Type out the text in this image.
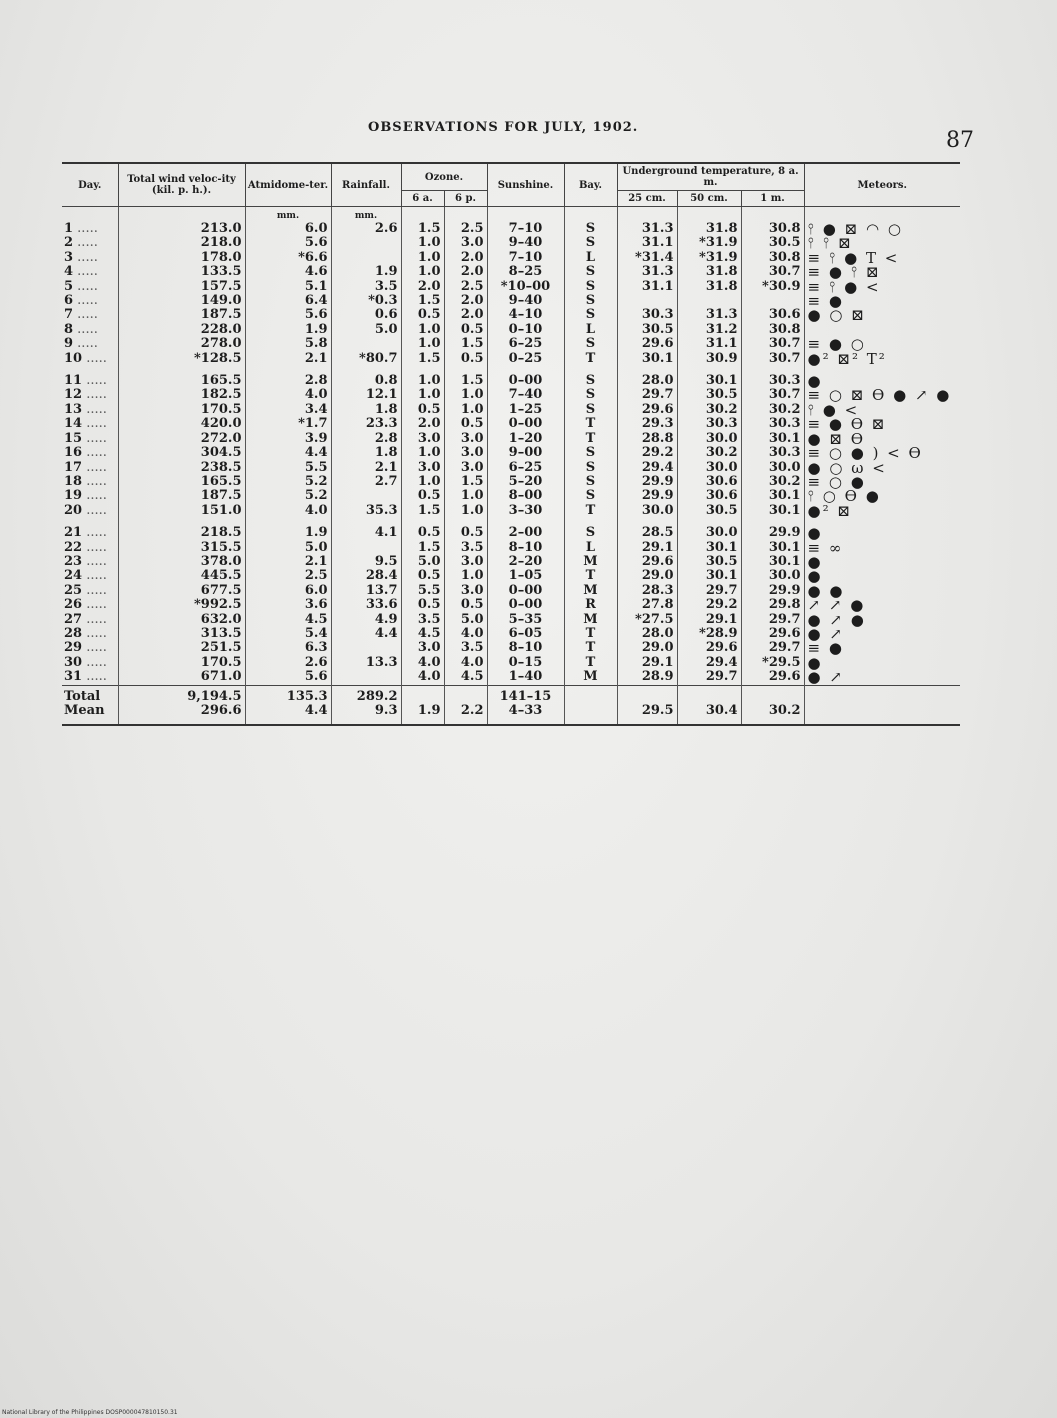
OBSERVATIONS FOR JULY, 1902.
87
Day.	Total wind veloc-ity (kil. p. h.).	Atmidome-ter.	Rainfall.	Ozone.		Sunshine.	Bay.	Underground temperature, 8 a. m.			Meteors.
				6 a.	6 p.			25 cm.	50 cm.	1 m.	
		mm.	mm.								
1 .....	213.0	6.0	2.6	1.5	2.5	7–10	S	31.3	31.8	30.8	⫯ ● ⊠ ◠ ○
2 .....	218.0	5.6		1.0	3.0	9–40	S	31.1	*31.9	30.5	⫯ ⫯ ⊠
3 .....	178.0	*6.6		1.0	2.0	7–10	L	*31.4	*31.9	30.8	≡ ⫯ ● T <
4 .....	133.5	4.6	1.9	1.0	2.0	8–25	S	31.3	31.8	30.7	≡ ● ⫯ ⊠
5 .....	157.5	5.1	3.5	2.0	2.5	*10–00	S	31.1	31.8	*30.9	≡ ⫯ ● <
6 .....	149.0	6.4	*0.3	1.5	2.0	9–40	S				≡ ●
7 .....	187.5	5.6	0.6	0.5	2.0	4–10	S	30.3	31.3	30.6	● ○ ⊠
8 .....	228.0	1.9	5.0	1.0	0.5	0–10	L	30.5	31.2	30.8	
9 .....	278.0	5.8		1.0	1.5	6–25	S	29.6	31.1	30.7	≡ ● ○
10 .....	*128.5	2.1	*80.7	1.5	0.5	0–25	T	30.1	30.9	30.7	●² ⊠² T²

11 .....	165.5	2.8	0.8	1.0	1.5	0–00	S	28.0	30.1	30.3	●
12 .....	182.5	4.0	12.1	1.0	1.0	7–40	S	29.7	30.5	30.7	≡ ○ ⊠ ϴ ● ↗ ●
13 .....	170.5	3.4	1.8	0.5	1.0	1–25	S	29.6	30.2	30.2	⫯ ● <
14 .....	420.0	*1.7	23.3	2.0	0.5	0–00	T	29.3	30.3	30.3	≡ ● ϴ ⊠
15 .....	272.0	3.9	2.8	3.0	3.0	1–20	T	28.8	30.0	30.1	● ⊠ ϴ
16 .....	304.5	4.4	1.8	1.0	3.0	9–00	S	29.2	30.2	30.3	≡ ○ ● ) < ϴ
17 .....	238.5	5.5	2.1	3.0	3.0	6–25	S	29.4	30.0	30.0	● ○ ω <
18 .....	165.5	5.2	2.7	1.0	1.5	5–20	S	29.9	30.6	30.2	≡ ○ ●
19 .....	187.5	5.2		0.5	1.0	8–00	S	29.9	30.6	30.1	⫯ ○ ϴ ●
20 .....	151.0	4.0	35.3	1.5	1.0	3–30	T	30.0	30.5	30.1	●² ⊠

21 .....	218.5	1.9	4.1	0.5	0.5	2–00	S	28.5	30.0	29.9	●
22 .....	315.5	5.0		1.5	3.5	8–10	L	29.1	30.1	30.1	≡ ∞
23 .....	378.0	2.1	9.5	5.0	3.0	2–20	M	29.6	30.5	30.1	●
24 .....	445.5	2.5	28.4	0.5	1.0	1–05	T	29.0	30.1	30.0	●
25 .....	677.5	6.0	13.7	5.5	3.0	0–00	M	28.3	29.7	29.9	● ●
26 .....	*992.5	3.6	33.6	0.5	0.5	0–00	R	27.8	29.2	29.8	↗ ↗ ●
27 .....	632.0	4.5	4.9	3.5	5.0	5–35	M	*27.5	29.1	29.7	● ↗ ●
28 .....	313.5	5.4	4.4	4.5	4.0	6–05	T	28.0	*28.9	29.6	● ↗
29 .....	251.5	6.3		3.0	3.5	8–10	T	29.0	29.6	29.7	≡ ●
30 .....	170.5	2.6	13.3	4.0	4.0	0–15	T	29.1	29.4	*29.5	●
31 .....	671.0	5.6		4.0	4.5	1–40	M	28.9	29.7	29.6	● ↗
Total	9,194.5	135.3	289.2			141–15					
Mean	296.6	4.4	9.3	1.9	2.2	4–33		29.5	30.4	30.2	
National Library of the Philippines DOSP000047810150.31
